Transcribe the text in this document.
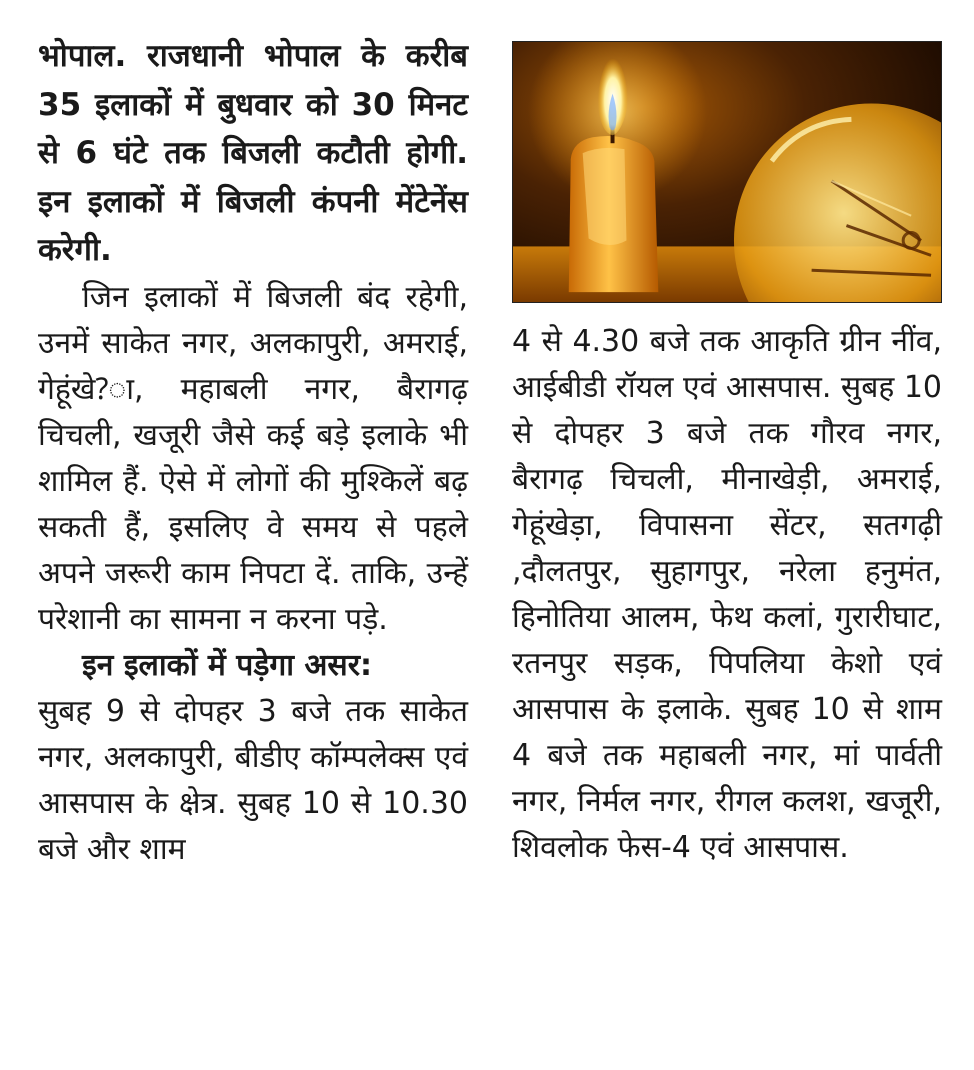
भोपाल. राजधानी भोपाल के करीब 35 इलाकों में बुधवार को 30 मिनट से 6 घंटे तक बिजली कटौती होगी. इन इलाकों में बिजली कंपनी मेंटेनेंस करेगी.

जिन इलाकों में बिजली बंद रहेगी, उनमें साकेत नगर, अलकापुरी, अमराई, गेहूंखे?ा, महाबली नगर, बैरागढ़ चिचली, खजूरी जैसे कई बड़े इलाके भी शामिल हैं. ऐसे में लोगों की मुश्किलें बढ़ सकती हैं, इसलिए वे समय से पहले अपने जरूरी काम निपटा दें. ताकि, उन्हें परेशानी का सामना न करना पड़े.

इन इलाकों में पड़ेगा असर:

सुबह 9 से दोपहर 3 बजे तक साकेत नगर, अलकापुरी, बीडीए कॉम्पलेक्स एवं आसपास के क्षेत्र. सुबह 10 से 10.30 बजे और शाम

4 से 4.30 बजे तक आकृति ग्रीन नींव, आईबीडी रॉयल एवं आसपास. सुबह 10 से दोपहर 3 बजे तक गौरव नगर, बैरागढ़ चिचली, मीनाखेड़ी, अमराई, गेहूंखेड़ा, विपासना सेंटर, सतगढ़ी ,दौलतपुर, सुहागपुर, नरेला हनुमंत, हिनोतिया आलम, फेथ कलां, गुरारीघाट, रतनपुर सड़क, पिपलिया केशो एवं आसपास के इलाके. सुबह 10 से शाम 4 बजे तक महाबली नगर, मां पार्वती नगर, निर्मल नगर, रीगल कलश, खजूरी, शिवलोक फेस-4 एवं आसपास.
